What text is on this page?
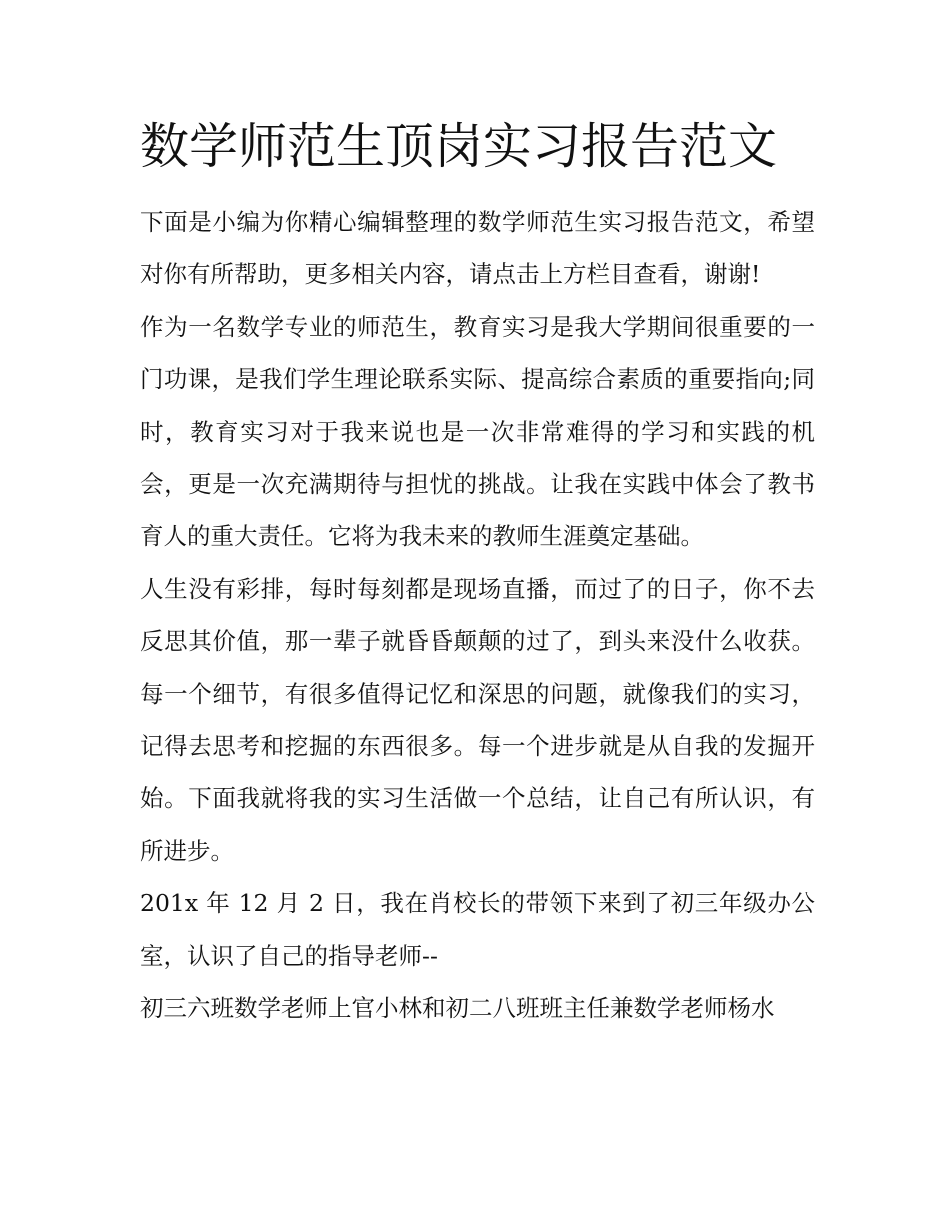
数学师范生顶岗实习报告范文

下面是小编为你精心编辑整理的数学师范生实习报告范文，希望对你有所帮助，更多相关内容，请点击上方栏目查看，谢谢!

作为一名数学专业的师范生，教育实习是我大学期间很重要的一门功课，是我们学生理论联系实际、提高综合素质的重要指向;同时，教育实习对于我来说也是一次非常难得的学习和实践的机会，更是一次充满期待与担忧的挑战。让我在实践中体会了教书育人的重大责任。它将为我未来的教师生涯奠定基础。

人生没有彩排，每时每刻都是现场直播，而过了的日子，你不去反思其价值，那一辈子就昏昏颠颠的过了，到头来没什么收获。每一个细节，有很多值得记忆和深思的问题，就像我们的实习，记得去思考和挖掘的东西很多。每一个进步就是从自我的发掘开始。下面我就将我的实习生活做一个总结，让自己有所认识，有所进步。

201x 年 12 月 2 日，我在肖校长的带领下来到了初三年级办公室，认识了自己的指导老师--

初三六班数学老师上官小林和初二八班班主任兼数学老师杨水
